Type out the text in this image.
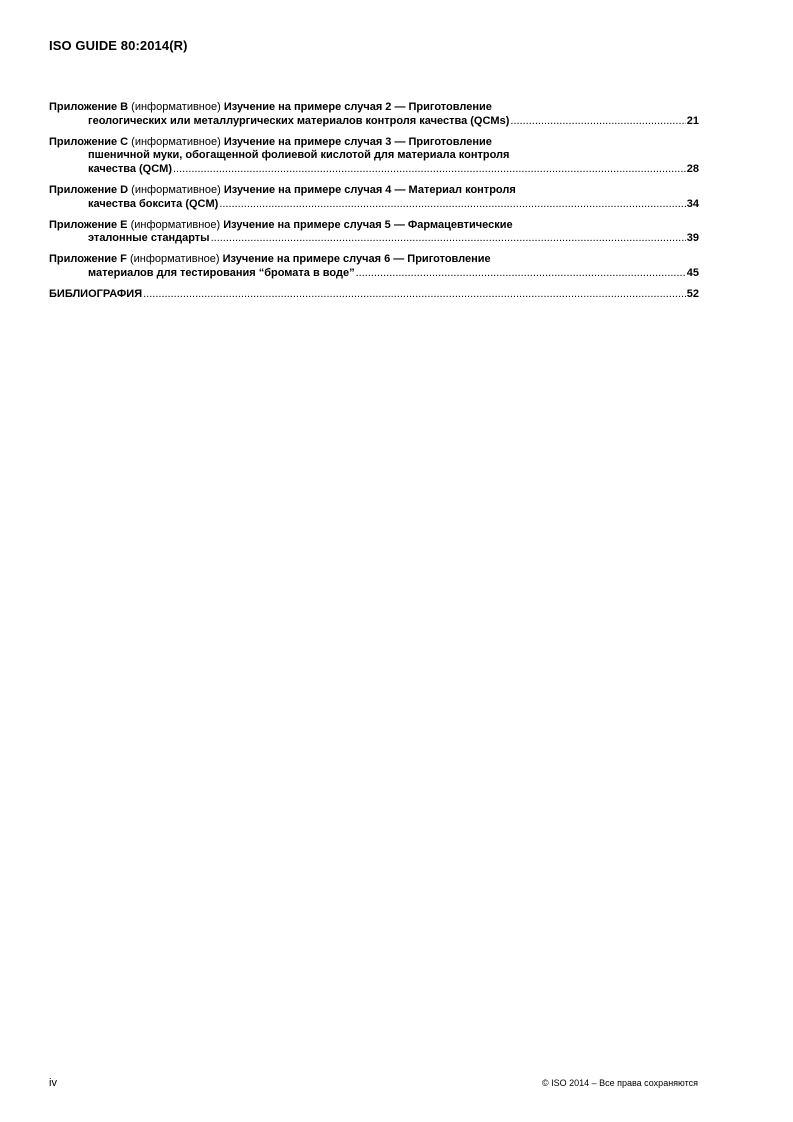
ISO GUIDE 80:2014(R)
Приложение B (информативное) Изучение на примере случая 2 — Приготовление
геологических или металлургических материалов контроля качества (QCMs) .....	21
Приложение C (информативное) Изучение на примере случая 3 — Приготовление
пшеничной муки, обогащенной фолиевой кислотой для материала контроля
качества (QCM) .....	28
Приложение D (информативное) Изучение на примере случая 4 — Материал контроля
качества боксита (QCM) .....	34
Приложение E (информативное) Изучение на примере случая 5 — Фармацевтические
эталонные стандарты .....	39
Приложение F (информативное) Изучение на примере случая 6 — Приготовление
материалов для тестирования “бромата в воде” .....	45
БИБЛИОГРАФИЯ .....	52
iv	© ISO 2014 – Все права сохраняются
